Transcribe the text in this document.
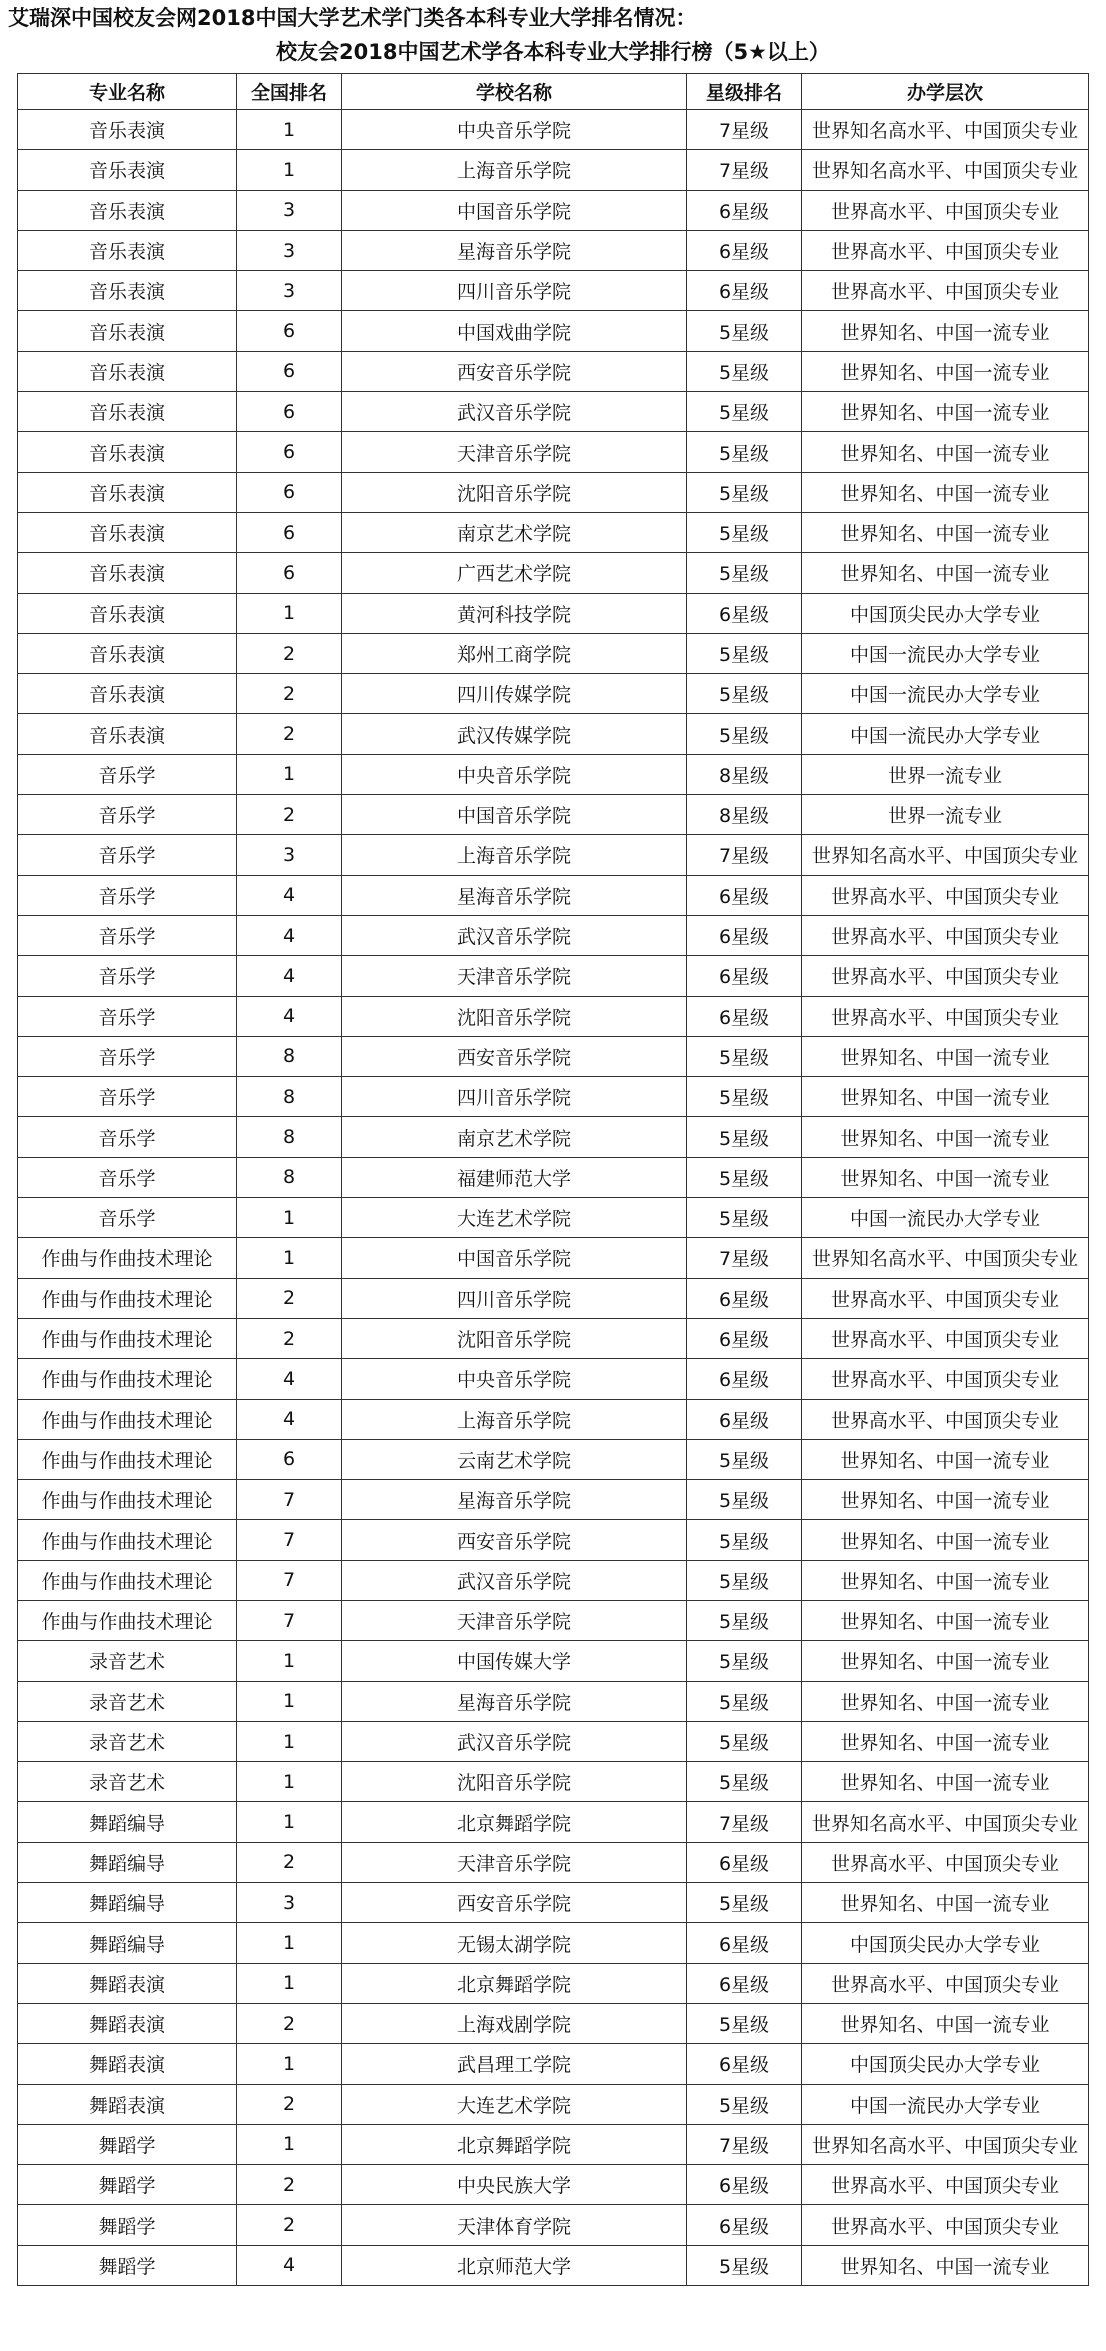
艾瑞深中国校友会网2018中国大学艺术学门类各本科专业大学排名情况：
校友会2018中国艺术学各本科专业大学排行榜（5★以上）
专业名称	全国排名	学校名称	星级排名	办学层次
音乐表演	1	中央音乐学院	7星级	世界知名高水平、中国顶尖专业
音乐表演	1	上海音乐学院	7星级	世界知名高水平、中国顶尖专业
音乐表演	3	中国音乐学院	6星级	世界高水平、中国顶尖专业
音乐表演	3	星海音乐学院	6星级	世界高水平、中国顶尖专业
音乐表演	3	四川音乐学院	6星级	世界高水平、中国顶尖专业
音乐表演	6	中国戏曲学院	5星级	世界知名、中国一流专业
音乐表演	6	西安音乐学院	5星级	世界知名、中国一流专业
音乐表演	6	武汉音乐学院	5星级	世界知名、中国一流专业
音乐表演	6	天津音乐学院	5星级	世界知名、中国一流专业
音乐表演	6	沈阳音乐学院	5星级	世界知名、中国一流专业
音乐表演	6	南京艺术学院	5星级	世界知名、中国一流专业
音乐表演	6	广西艺术学院	5星级	世界知名、中国一流专业
音乐表演	1	黄河科技学院	6星级	中国顶尖民办大学专业
音乐表演	2	郑州工商学院	5星级	中国一流民办大学专业
音乐表演	2	四川传媒学院	5星级	中国一流民办大学专业
音乐表演	2	武汉传媒学院	5星级	中国一流民办大学专业
音乐学	1	中央音乐学院	8星级	世界一流专业
音乐学	2	中国音乐学院	8星级	世界一流专业
音乐学	3	上海音乐学院	7星级	世界知名高水平、中国顶尖专业
音乐学	4	星海音乐学院	6星级	世界高水平、中国顶尖专业
音乐学	4	武汉音乐学院	6星级	世界高水平、中国顶尖专业
音乐学	4	天津音乐学院	6星级	世界高水平、中国顶尖专业
音乐学	4	沈阳音乐学院	6星级	世界高水平、中国顶尖专业
音乐学	8	西安音乐学院	5星级	世界知名、中国一流专业
音乐学	8	四川音乐学院	5星级	世界知名、中国一流专业
音乐学	8	南京艺术学院	5星级	世界知名、中国一流专业
音乐学	8	福建师范大学	5星级	世界知名、中国一流专业
音乐学	1	大连艺术学院	5星级	中国一流民办大学专业
作曲与作曲技术理论	1	中国音乐学院	7星级	世界知名高水平、中国顶尖专业
作曲与作曲技术理论	2	四川音乐学院	6星级	世界高水平、中国顶尖专业
作曲与作曲技术理论	2	沈阳音乐学院	6星级	世界高水平、中国顶尖专业
作曲与作曲技术理论	4	中央音乐学院	6星级	世界高水平、中国顶尖专业
作曲与作曲技术理论	4	上海音乐学院	6星级	世界高水平、中国顶尖专业
作曲与作曲技术理论	6	云南艺术学院	5星级	世界知名、中国一流专业
作曲与作曲技术理论	7	星海音乐学院	5星级	世界知名、中国一流专业
作曲与作曲技术理论	7	西安音乐学院	5星级	世界知名、中国一流专业
作曲与作曲技术理论	7	武汉音乐学院	5星级	世界知名、中国一流专业
作曲与作曲技术理论	7	天津音乐学院	5星级	世界知名、中国一流专业
录音艺术	1	中国传媒大学	5星级	世界知名、中国一流专业
录音艺术	1	星海音乐学院	5星级	世界知名、中国一流专业
录音艺术	1	武汉音乐学院	5星级	世界知名、中国一流专业
录音艺术	1	沈阳音乐学院	5星级	世界知名、中国一流专业
舞蹈编导	1	北京舞蹈学院	7星级	世界知名高水平、中国顶尖专业
舞蹈编导	2	天津音乐学院	6星级	世界高水平、中国顶尖专业
舞蹈编导	3	西安音乐学院	5星级	世界知名、中国一流专业
舞蹈编导	1	无锡太湖学院	6星级	中国顶尖民办大学专业
舞蹈表演	1	北京舞蹈学院	6星级	世界高水平、中国顶尖专业
舞蹈表演	2	上海戏剧学院	5星级	世界知名、中国一流专业
舞蹈表演	1	武昌理工学院	6星级	中国顶尖民办大学专业
舞蹈表演	2	大连艺术学院	5星级	中国一流民办大学专业
舞蹈学	1	北京舞蹈学院	7星级	世界知名高水平、中国顶尖专业
舞蹈学	2	中央民族大学	6星级	世界高水平、中国顶尖专业
舞蹈学	2	天津体育学院	6星级	世界高水平、中国顶尖专业
舞蹈学	4	北京师范大学	5星级	世界知名、中国一流专业
